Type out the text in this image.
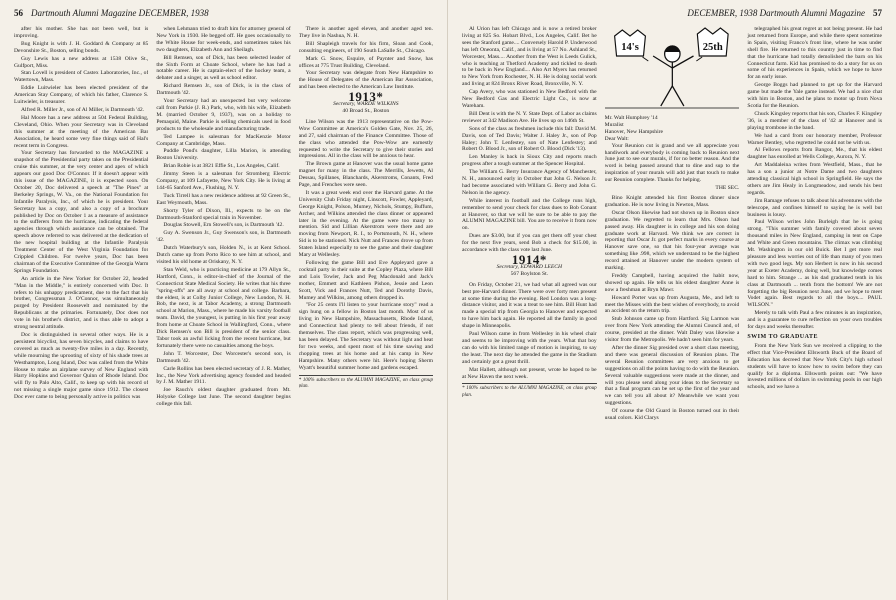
56 Dartmouth Alumni Magazine DECEMBER, 1938

after his mother. She has not been well, but is improving.

Bug Knight is with J. H. Goddard & Company at 85 Devonshire St., Boston, selling bonds.

Guy Lewis has a new address at 1538 Olive St., Gulfport, Miss.

Stan Lovell is president of Castex Laboratories, Inc., of Watertown, Mass.

Eddie Luitwieler has been elected president of the American Stay Company, of which his father, Clarence S. Luitwieler, is treasurer.

Alfred R. Miller Jr., son of Al Miller, is Dartmouth '42.

Hal Moore has a new address at 504 Federal Building, Cleveland, Ohio. When your Secretary was in Cleveland this summer at the meeting of the American Bar Association, he heard some very fine things said of Hal's recent term in Congress.

Your Secretary has forwarded to the MAGAZINE a snapshot of the Presidential party taken on the Presidential cruise this summer, at the very center and apex of which appears our good Doc O'Connor. If it doesn't appear with this issue of the MAGAZINE, it is expected soon. On October 20, Doc delivered a speech at "The Pines" at Berkeley Springs, W. Va., on the National Foundation for Infantile Paralysis, Inc., of which he is president. Your Secretary has a copy, and also a copy of a brochure published by Doc on October 1 as a measure of assistance to the sufferers from the hurricane, indicating the federal agencies through which assistance can be obtained. The speech above referred to was delivered at the dedication of the new hospital building at the Infantile Paralysis Treatment Center of the West Virginia Foundation for Crippled Children. For twelve years, Doc has been chairman of the Executive Committee of the Georgia Warm Springs Foundation.

An article in the New Yorker for October 22, headed "Man in the Middle," is entirely concerned with Doc. It refers to his unhappy predicament, due to the fact that his brother, Congressman J. O'Connor, was simultaneously purged by President Roosevelt and nominated by the Republicans at the primaries. Fortunately, Doc does not vote in his brother's district, and is thus able to adopt a strong neutral attitude.

Doc is distinguished in several other ways. He is a persistent bicyclist, has seven bicycles, and claims to have covered as much as twenty-five miles in a day. Recently, while mourning the uprooting of sixty of his shade trees at Westhampton, Long Island, Doc was called from the White House to make an airplane survey of New England with Harry Hopkins and Governor Quinn of Rhode Island. Doc will fly to Palo Alto, Calif., to keep up with his record of not missing a single major game since 1912. The closest Doc ever came to being personally active in politics was

when Lehmann tried to draft him for attorney general of New York in 1930. He begged off. He goes occasionally to the White House for week-ends, and sometimes takes his two daughters, Elizabeth Ann and Sheilagh.

Bill Remsen, son of Dick, has been selected leader of the Sixth Form at Choate School, where he has had a notable career. He is captain-elect of the hockey team, a debater and a singer, as well as school editor.

Richard Remsen Jr., son of Dick, is in the class of Dartmouth '42.

Your Secretary had an unexpected but very welcome call from Parkie (J. R.) Park, who, with his wife, Elizabeth M. (married October 9, 1937), was on a holiday to Pemaquid, Maine. Parkie is selling chemicals used in food products to the wholesale and manufacturing trade.

Ted Lampee is salesman for MacKenzie Motor Company at Cambridge, Mass.

Puddle Pond's daughter, Lilla Marion, is attending Boston University.

Brian Robie is at 3821 Effie St., Los Angeles, Calif.

Jimmy Steen is a salesman for Stromberg Electric Company, at 109 Lafayette, New York City. He is living at 144-65 Sanford Ave., Flushing, N. Y.

Tuck Tirrell has a new residence address at 92 Green St., East Weymouth, Mass.

Shorty Tyler of Dixon, Ill., expects to be on the Dartmouth-Stanford special train in November.

Douglas Stowell, Ern Stowell's son, is Dartmouth '42.

Guy A. Swenson Jr., Guy Swenson's son, is Dartmouth '42.

Dutch Waterbury's son, Holden N., is at Kent School. Dutch came up from Porto Rico to see him at school, and visited his old home at Oriskany, N. Y.

Stan Weld, who is practicing medicine at 179 Allyn St., Hartford, Conn., is editor-in-chief of the Journal of the Connecticut State Medical Society. He writes that his three "spring-offs" are all away at school and college. Barbara, the eldest, is at Colby Junior College, New London, N. H. Bob, the next, is at Tabor Academy, a strong Dartmouth school at Marion, Mass., where he made his varsity football team. David, the youngest, is putting in his first year away from home at Choate School in Wallingford, Conn., where Dick Remsen's son Bill is president of the senior class. Tabor took an awful licking from the recent hurricane, but fortunately there were no casualties among the boys.

John T. Worcester, Doc Worcester's second son, is Dartmouth '42.

Carle Rollins has been elected secretary of J. R. Mather, Inc., the New York advertising agency founded and headed by J. M. Mather 1911.

Joe Rauch's oldest daughter graduated from Mt. Holyoke College last June. The second daughter begins college this fall.

There is another aged eleven, and another aged ten. They live in Nashua, N. H.

Bill Shapleigh travels for his firm, Sloan and Cook, consulting engineers, of 190 South LaSalle St., Chicago.

Mark G. Snow, Esquire, of Paynter and Snow, has offices at 775 Trust Building, Cleveland.

Your Secretary was delegate from New Hampshire to the House of Delegates of the American Bar Association, and has been elected to the American Law Institute.

1913*
Secretary, WARDE WILKINS
40 Broad St., Boston

Line Wilson was the 1913 representative on the Pow-Wow Committee at America's Golden Gate, Nov. 25, 26, and 27, said chairman of the Finance Committee. Those of the class who attended the Pow-Wow are earnestly requested to write the Secretary to give their stories and impressions. All in the class will be anxious to hear.

The Brown game at Hanover was the usual home game magnet for many in the class. The Merrills, Jewetts, Al Dessau, Spillanes, Blanchards, Akerstroms, Conants, Fred Page, and Frenches were seen.

It was a great week end over the Harvard game. At the University Club Friday night, Linscott, Fowler, Appleyard, George Knight, Polson, Mumey, Nichols, Stumpy, Buffum, Archer, and Wilkins attended the class dinner or appeared later in the evening. At the game were too many to mention. Sid and Lillian Akerstrom were there and are moving from Newport, R. I., to Portsmouth, N. H., where Sid is to be stationed. Nick Nutt and Frances drove up from Staten Island especially to see the game and their daughter Mary at Wellesley.

Following the game Bill and Eve Appleyard gave a cocktail party in their suite at the Copley Plaza, where Bill and Lois Towler, Jack and Peg Macdonald and Jack's mother, Emmett and Kathleen Pishon, Jessie and Leon Scott, Vick and Frances Nutt, Ted and Dorothy Davis, Mumey and Wilkins, among others dropped in.

"For 25 cents I'll listen to your hurricane story" read a sign hung on a fellow in Boston last month. Most of us living in New Hampshire, Massachusetts, Rhode Island, and Connecticut had plenty to tell about friends, if not themselves. The class report, which was progressing well, has been delayed. The Secretary was without light and heat for two weeks, and spent most of his time sawing and chopping trees at his home and at his camp in New Hampshire. Many others were hit. Here's hoping Sherm Wyatt's beautiful summer home and gardens escaped.

* 100% subscribers to the ALUMNI MAGAZINE, on class group plan.
DECEMBER, 1938 Dartmouth Alumni Magazine 57

Al Urion has left Chicago and is now a retired broker living at 825 So. Hobart Blvd., Los Angeles, Calif. Bet he sees the Stanford game.... Conversely Harold P. Underwood has left Oneonta, Calif., and is living at 57 No. Ashland St., Worcester, Mass.... Another from the West is Leeds Gulick, who is teaching at Thetford Academy and tickled to death to be back in New England.... Also Art Myers has returned to New York from Rochester, N. H. He is doing social work and living at 824 Bronx River Road, Bronxville, N. Y.

Cap Avery, who was stationed in New Bedford with the New Bedford Gas and Electric Light Co., is now at Wareham.

Bill Dent is with the N. Y. State Dept. of Labor as claims reviewer at 342 Madison Ave. He lives up on 146th St.

Sons of the class as freshmen include this fall: David M. Davis, son of Ted Davis; Walter J. Haley Jr., son of Pop Haley; John T. Lenfestey, son of Nate Lenfestey; and Robert O. Blood Jr., son of Robert O. Blood (Dick '13).

Len Manley is back in Sioux City and reports much progress after a tough summer at the Spencer Hospital.

The William G. Berry Insurance Agency of Manchester, N. H., announced early in October that John G. Nelson Jr. had become associated with William G. Berry and John G. Nelson in the agency.

While interest in football and the College runs high, remember to send your check for class dues to Bob Conant at Hanover, so that we will be sure to be able to pay the ALUMNI MAGAZINE bill. You are to receive it from now on.

Dues are $3.00, but if you can get them off your chest for the next five years, send Bob a check for $15.00, in accordance with the class vote last June.

1914*
Secretary, EDWARD LEECH
567 Boylston St.

On Friday, October 21, we had what all agreed was our best pre-Harvard dinner. There were over forty men present at some time during the evening. Red London was a long-distance visitor, and it was a treat to see him. Bill Hunt had made a special trip from Georgia to Hanover and expected to have him back again. He reported all the family in good shape in Minneapolis.

Paul Wilson came in from Wellesley in his wheel chair and seems to be improving with the years. What that boy can do with his limited range of motion is inspiring, to say the least. The next day he attended the game in the Stadium and certainly got a great thrill.

Mat Hallett, although not present, wrote he hoped to be at New Haven the next week.

* 100% subscribers to the ALUMNI MAGAZINE, on class group plan.
14's	25th
Mr. Walt Humphrey '14
Muralist
Hanover, New Hampshire
Dear Walt:

Your Reunion cut is grand and we all appreciate your handiwork and everybody is coming back to Reunion next June just to see our murals, if for no better reason. And the word is being passed around that to dine and sup to the inspiration of your murals will add just that touch to make our Reunion complete. Thanks for helping.

THE SEC.

Bino Knight attended his first Boston dinner since graduation. He is now living in Newton, Mass.

Oscar Olson likewise had not shown up in Boston since graduation. We regretted to learn that Mrs. Olson had passed away. His daughter is in college and his son doing graduate work at Harvard. We think we are correct in reporting that Oscar Jr. got perfect marks in every course at Hanover save one, so that his four-year average was something like .998, which we understand to be the highest record attained at Hanover under the modern system of marking.

Freddy Campbell, having acquired the habit now, showed up again. He tells us his eldest daughter Anne is now a freshman at Bryn Mawr.

Howard Porter was up from Augusta, Me., and left to meet the Misses with the best wishes of everybody, to avoid an accident on the return trip.

Stub Johnson came up from Hartford. Sig Larmon was over from New York attending the Alumni Council and, of course, presided at the dinner. Walt Daley was likewise a visitor from the Metropolis. We hadn't seen him for years.

After the dinner Sig presided over a short class meeting, and there was general discussion of Reunion plans. The several Reunion committees are very anxious to get suggestions on all the points having to do with the Reunion. Several valuable suggestions were made at the dinner, and will you please send along your ideas to the Secretary so that a final program can be set up the first of the year and we can tell you all about it? Meanwhile we want your suggestions.

Of course the Old Guard in Boston turned out in their usual colors. Kid Clarys

telegraphed his great regret at not being present. He had just returned from Europe, and while there spent sometime in Spain, visiting Franco's front line, where he was under shell fire. He returned to this country just in time to find that the hurricane had totally demolished the barn on his Connecticut farm. Kid has promised to do a story for us on some of his experiences in Spain, which we hope to have for an early issue.

George Boggs had planned to get up for the Harvard game but made the Yale game instead. We had a nice chat with him in Boston, and he plans to motor up from Nova Scotia for the Reunion.

Chuck Kingsley reports that his son, Charles F. Kingsley '36, is a member of the class of '42 at Hanover and is playing trombone in the band.

We had a card from our honorary member, Professor Warner Bentley, who regretted he could not be with us.

Al Fellows reports from Bangor, Me., that his eldest daughter has enrolled at Wells College, Aurora, N. Y.

Art Maddaleina writes from Westfield, Mass., that he has a son a junior at Notre Dame and two daughters attending classical high school in Springfield. He says the others are Jim Healy in Longmeadow, and sends his best regards.

Jim Ramage refuses to talk about his adventures with the telescope, and confines himself to saying he is well but business is lousy.

Paul Wilson writes John Burleigh that he is going strong. "This summer with family covered about seven thousand miles in New England, camping in tent on Cape and White and Green mountains. The climax was climbing Mt. Washington in our old Buick. Bet I get more real pleasure and less worries out of life than many of you men with two good legs. My son Herbert is now in his second year at Exeter Academy, doing well, but knowledge comes hard to him. Strange ... as his dad graduated tenth in his class at Dartmouth ... tenth from the bottom! We are not forgetting the big Reunion next June, and we hope to meet Vodet again. Best regards to all the boys.... PAUL WILSON."

Merely to talk with Paul a few minutes is an inspiration, and is a guarantee to cure reflection on your own troubles for days and weeks thereafter.

SWIM TO GRADUATE

From the New York Sun we received a clipping to the effect that Vice-President Ellsworth Buck of the Board of Education has decreed that New York City's high school students will have to know how to swim before they can qualify for a diploma. Ellsworth points out: "We have invested millions of dollars in swimming pools in our high schools, and we have a
